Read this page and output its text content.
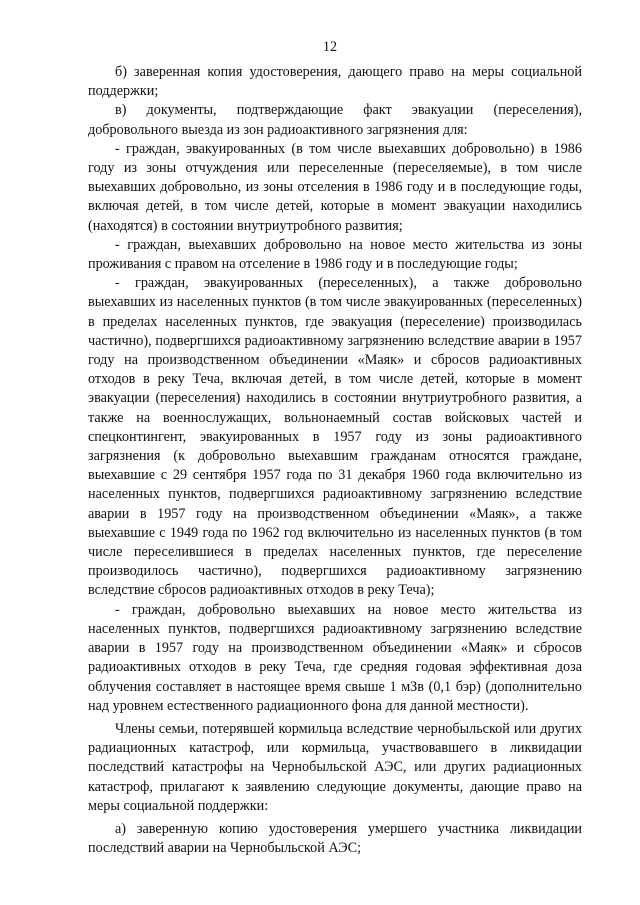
12

б) заверенная копия удостоверения, дающего право на меры социальной поддержки;

в) документы, подтверждающие факт эвакуации (переселения), добровольного выезда из зон радиоактивного загрязнения для:

- граждан, эвакуированных (в том числе выехавших добровольно) в 1986 году из зоны отчуждения или переселенные (переселяемые), в том числе выехавших добровольно, из зоны отселения в 1986 году и в последующие годы, включая детей, в том числе детей, которые в момент эвакуации находились (находятся) в состоянии внутриутробного развития;

- граждан, выехавших добровольно на новое место жительства из зоны проживания с правом на отселение в 1986 году и в последующие годы;

- граждан, эвакуированных (переселенных), а также добровольно выехавших из населенных пунктов (в том числе эвакуированных (переселенных) в пределах населенных пунктов, где эвакуация (переселение) производилась частично), подвергшихся радиоактивному загрязнению вследствие аварии в 1957 году на производственном объединении «Маяк» и сбросов радиоактивных отходов в реку Теча, включая детей, в том числе детей, которые в момент эвакуации (переселения) находились в состоянии внутриутробного развития, а также на военнослужащих, вольнонаемный состав войсковых частей и спецконтингент, эвакуированных в 1957 году из зоны радиоактивного загрязнения (к добровольно выехавшим гражданам относятся граждане, выехавшие с 29 сентября 1957 года по 31 декабря 1960 года включительно из населенных пунктов, подвергшихся радиоактивному загрязнению вследствие аварии в 1957 году на производственном объединении «Маяк», а также выехавшие с 1949 года по 1962 год включительно из населенных пунктов (в том числе переселившиеся в пределах населенных пунктов, где переселение производилось частично), подвергшихся радиоактивному загрязнению вследствие сбросов радиоактивных отходов в реку Теча);

- граждан, добровольно выехавших на новое место жительства из населенных пунктов, подвергшихся радиоактивному загрязнению вследствие аварии в 1957 году на производственном объединении «Маяк» и сбросов радиоактивных отходов в реку Теча, где средняя годовая эффективная доза облучения составляет в настоящее время свыше 1 мЗв (0,1 бэр) (дополнительно над уровнем естественного радиационного фона для данной местности).

Члены семьи, потерявшей кормильца вследствие чернобыльской или других радиационных катастроф, или кормильца, участвовавшего в ликвидации последствий катастрофы на Чернобыльской АЭС, или других радиационных катастроф, прилагают к заявлению следующие документы, дающие право на меры социальной поддержки:

а) заверенную копию удостоверения умершего участника ликвидации последствий аварии на Чернобыльской АЭС;
